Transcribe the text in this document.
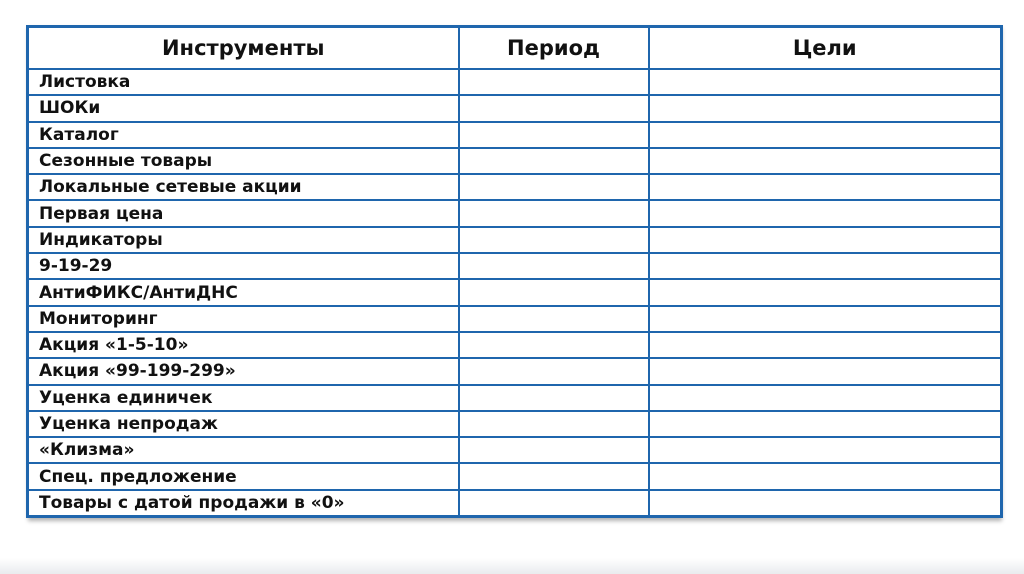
Инструменты	Период	Цели
Листовка		
ШОКи		
Каталог		
Сезонные товары		
Локальные сетевые акции		
Первая цена		
Индикаторы		
9-19-29		
АнтиФИКС/АнтиДНС		
Мониторинг		
Акция «1-5-10»		
Акция «99-199-299»		
Уценка единичек		
Уценка непродаж		
«Клизма»		
Спец. предложение		
Товары с датой продажи в «0»		
